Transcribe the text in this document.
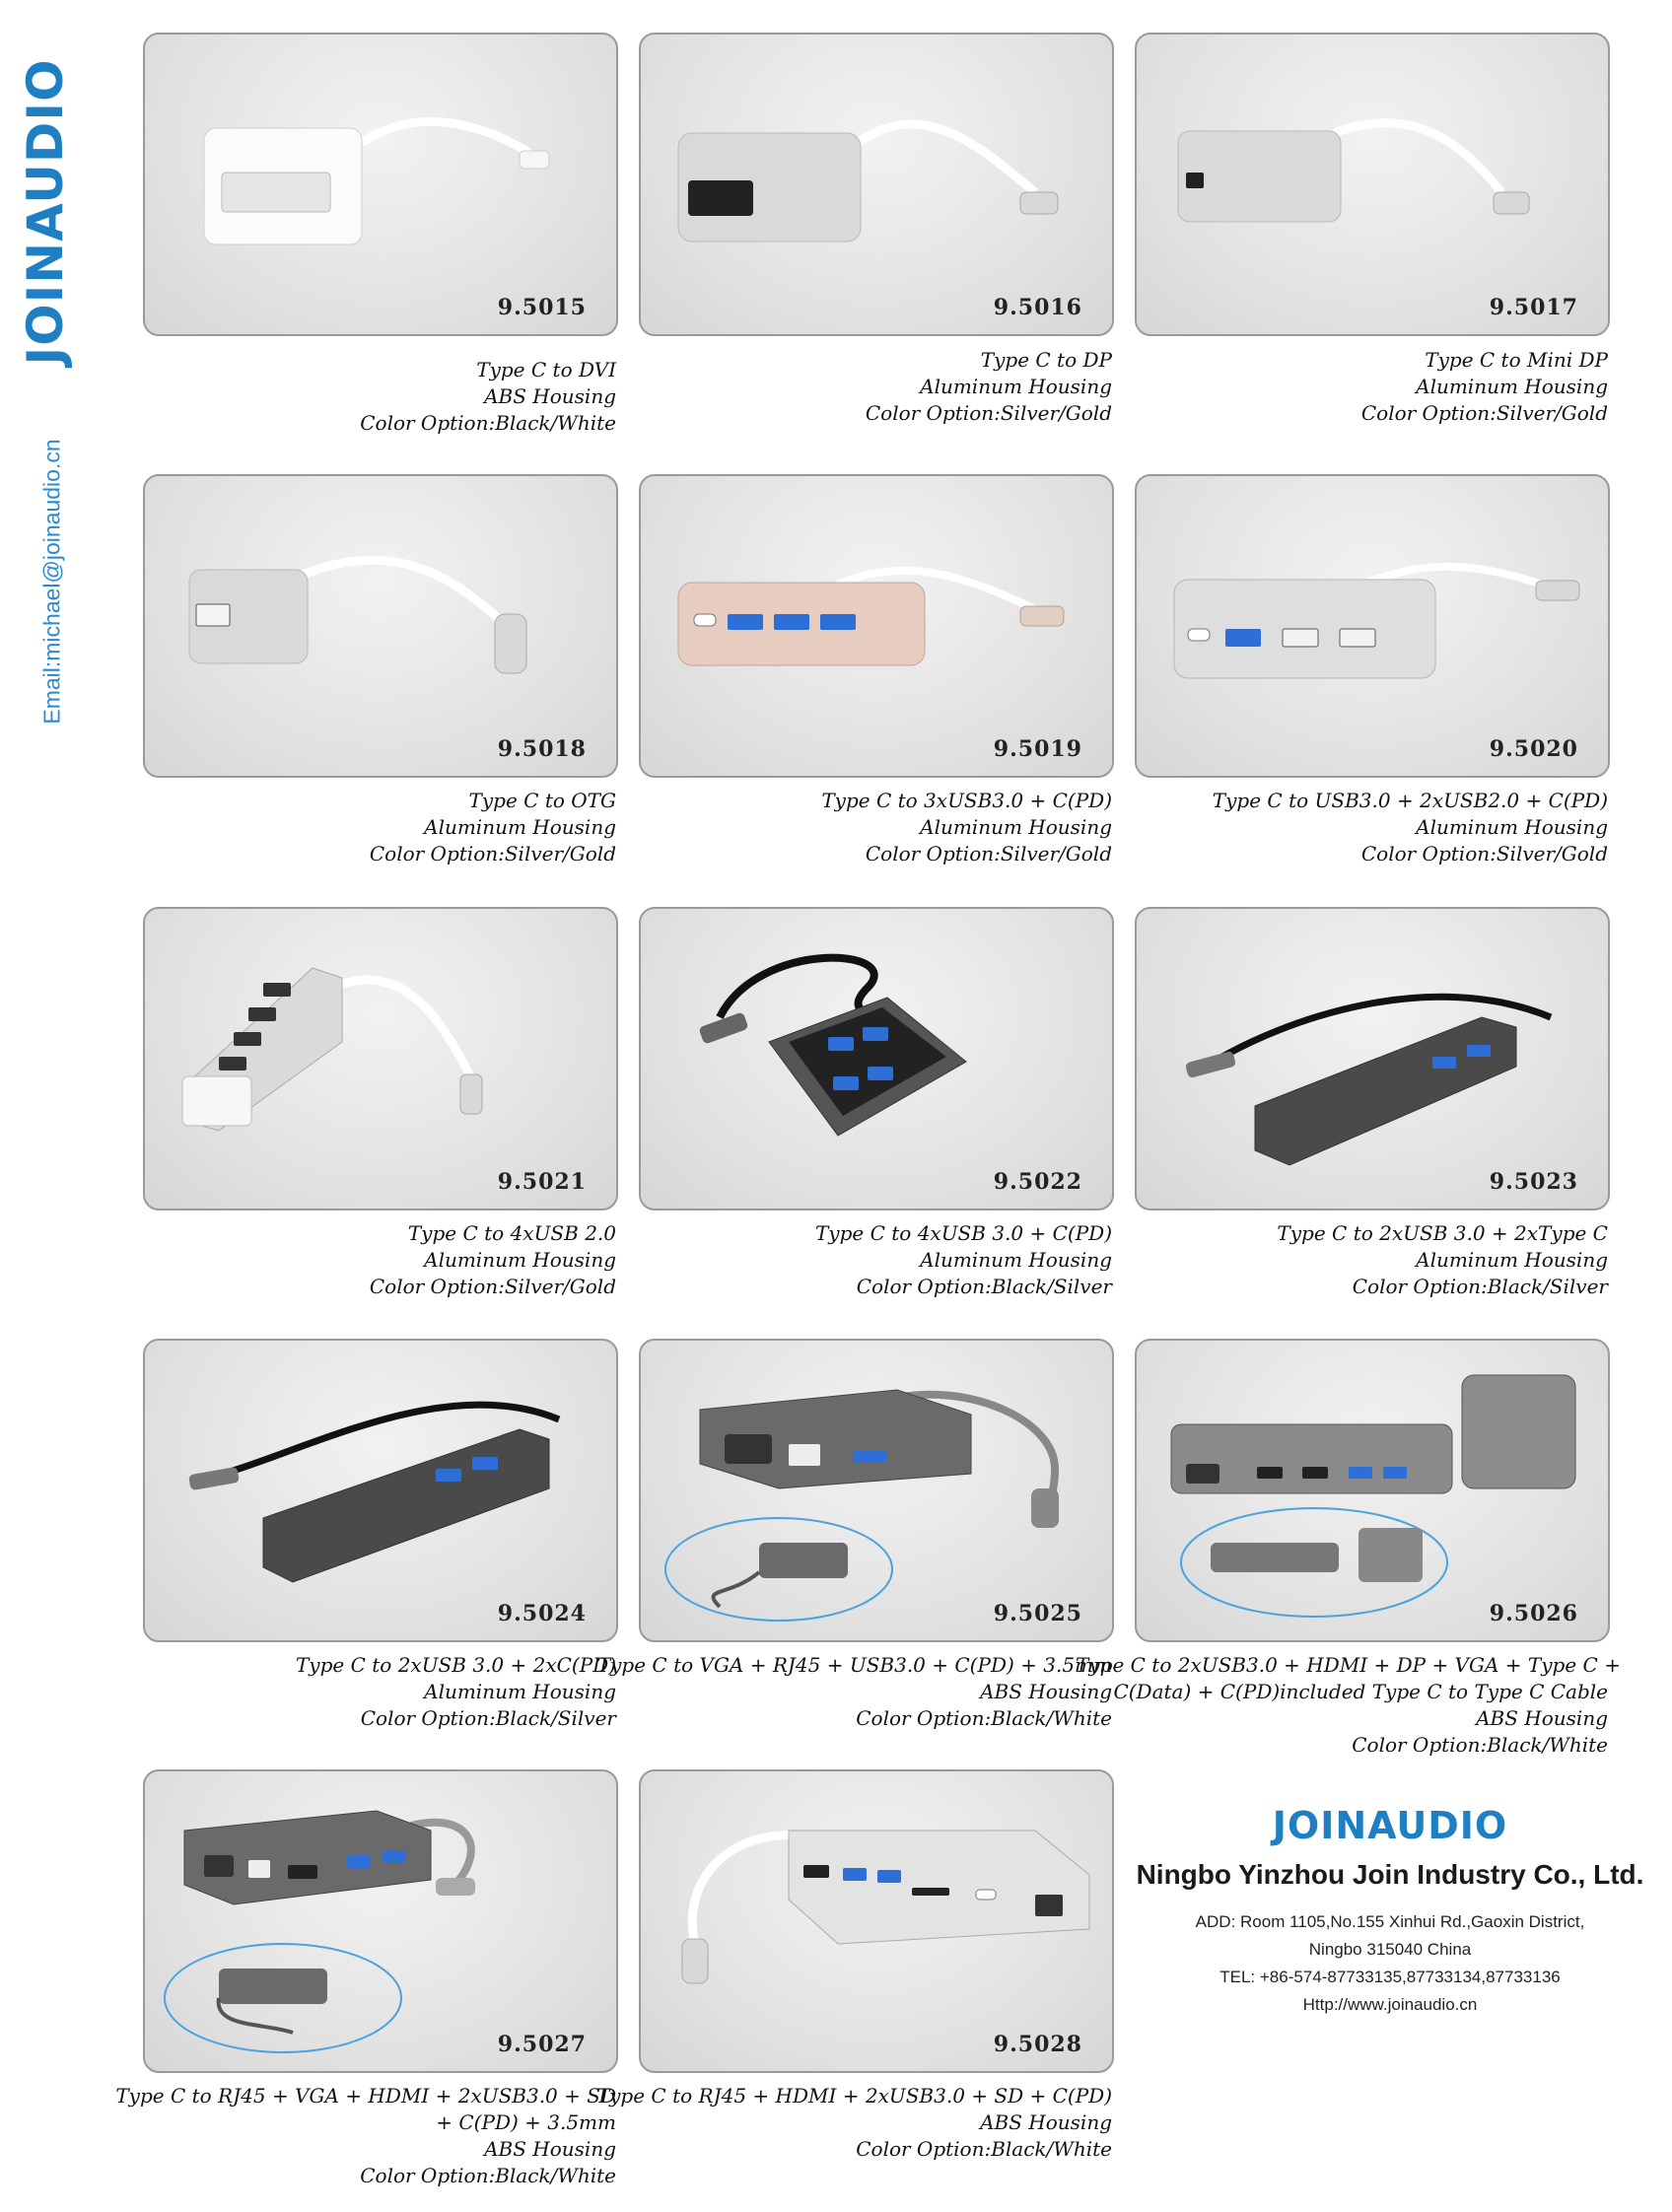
JOINAUDIO
Email:michael@joinaudio.cn
9.5015	9.5016	9.5017
Type C to DVI
ABS Housing
Color Option:Black/White
Type C to DP
Aluminum Housing
Color Option:Silver/Gold
Type C to Mini DP
Aluminum Housing
Color Option:Silver/Gold
9.5018	9.5019	9.5020
Type C to OTG
Aluminum Housing
Color Option:Silver/Gold
Type C to 3xUSB3.0 + C(PD)
Aluminum Housing
Color Option:Silver/Gold
Type C to USB3.0 + 2xUSB2.0 + C(PD)
Aluminum Housing
Color Option:Silver/Gold
9.5021	9.5022	9.5023
Type C to 4xUSB 2.0
Aluminum Housing
Color Option:Silver/Gold
Type C to 4xUSB 3.0 + C(PD)
Aluminum Housing
Color Option:Black/Silver
Type C to 2xUSB 3.0 + 2xType C
Aluminum Housing
Color Option:Black/Silver
9.5024	9.5025	9.5026
Type C to 2xUSB 3.0 + 2xC(PD)
Aluminum Housing
Color Option:Black/Silver
Type C to VGA + RJ45 + USB3.0 + C(PD) + 3.5mm
ABS Housing
Color Option:Black/White
Type C to 2xUSB3.0 + HDMI + DP + VGA + Type C +
C(Data) + C(PD)included Type C to Type C Cable
ABS Housing
Color Option:Black/White
9.5027	9.5028
Type C to RJ45 + VGA + HDMI + 2xUSB3.0 + SD
+ C(PD) + 3.5mm
ABS Housing
Color Option:Black/White
Type C to RJ45 + HDMI + 2xUSB3.0 + SD + C(PD)
ABS Housing
Color Option:Black/White
JOINAUDIO
Ningbo Yinzhou Join Industry Co., Ltd.
ADD: Room 1105,No.155 Xinhui Rd.,Gaoxin District,
Ningbo 315040 China
TEL: +86-574-87733135,87733134,87733136
Http://www.joinaudio.cn
